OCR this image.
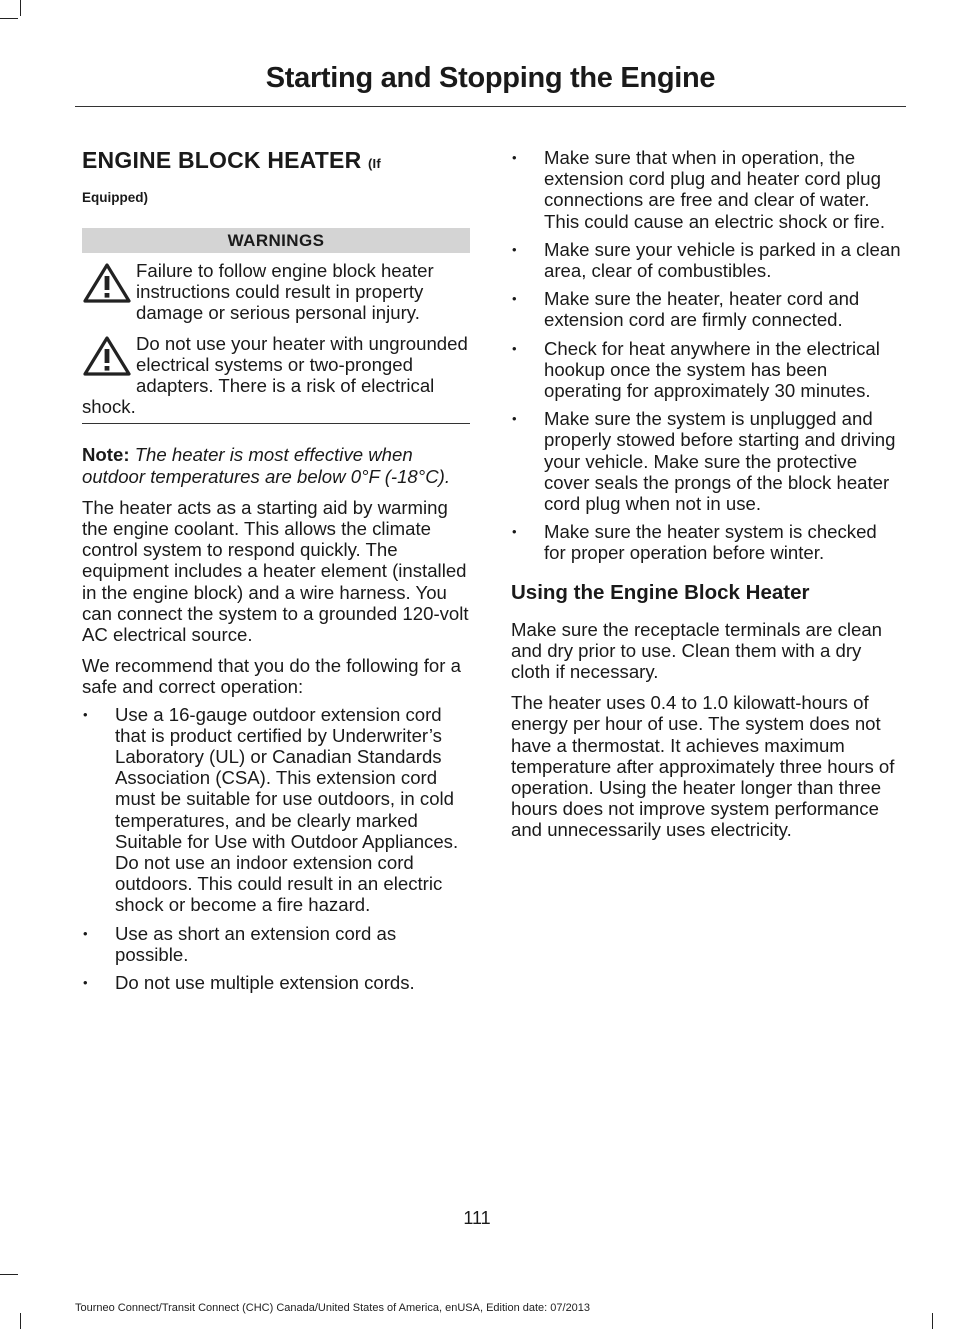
Starting and Stopping the Engine
ENGINE BLOCK HEATER (If
Equipped)
WARNINGS
Failure to follow engine block heater instructions could result in property damage or serious personal injury.
Do not use your heater with ungrounded electrical systems or two-pronged adapters. There is a risk of electrical shock.

Note: The heater is most effective when outdoor temperatures are below 0°F (-18°C).

The heater acts as a starting aid by warming the engine coolant. This allows the climate control system to respond quickly. The equipment includes a heater element (installed in the engine block) and a wire harness. You can connect the system to a grounded 120-volt AC electrical source.

We recommend that you do the following for a safe and correct operation:

• Use a 16-gauge outdoor extension cord that is product certified by Underwriter’s Laboratory (UL) or Canadian Standards Association (CSA). This extension cord must be suitable for use outdoors, in cold temperatures, and be clearly marked Suitable for Use with Outdoor Appliances. Do not use an indoor extension cord outdoors. This could result in an electric shock or become a fire hazard.
• Use as short an extension cord as possible.
• Do not use multiple extension cords.
• Make sure that when in operation, the extension cord plug and heater cord plug connections are free and clear of water. This could cause an electric shock or fire.
• Make sure your vehicle is parked in a clean area, clear of combustibles.
• Make sure the heater, heater cord and extension cord are firmly connected.
• Check for heat anywhere in the electrical hookup once the system has been operating for approximately 30 minutes.
• Make sure the system is unplugged and properly stowed before starting and driving your vehicle. Make sure the protective cover seals the prongs of the block heater cord plug when not in use.
• Make sure the heater system is checked for proper operation before winter.
Using the Engine Block Heater

Make sure the receptacle terminals are clean and dry prior to use. Clean them with a dry cloth if necessary.

The heater uses 0.4 to 1.0 kilowatt-hours of energy per hour of use. The system does not have a thermostat. It achieves maximum temperature after approximately three hours of operation. Using the heater longer than three hours does not improve system performance and unnecessarily uses electricity.

111
Tourneo Connect/Transit Connect (CHC) Canada/United States of America, enUSA, Edition date: 07/2013
